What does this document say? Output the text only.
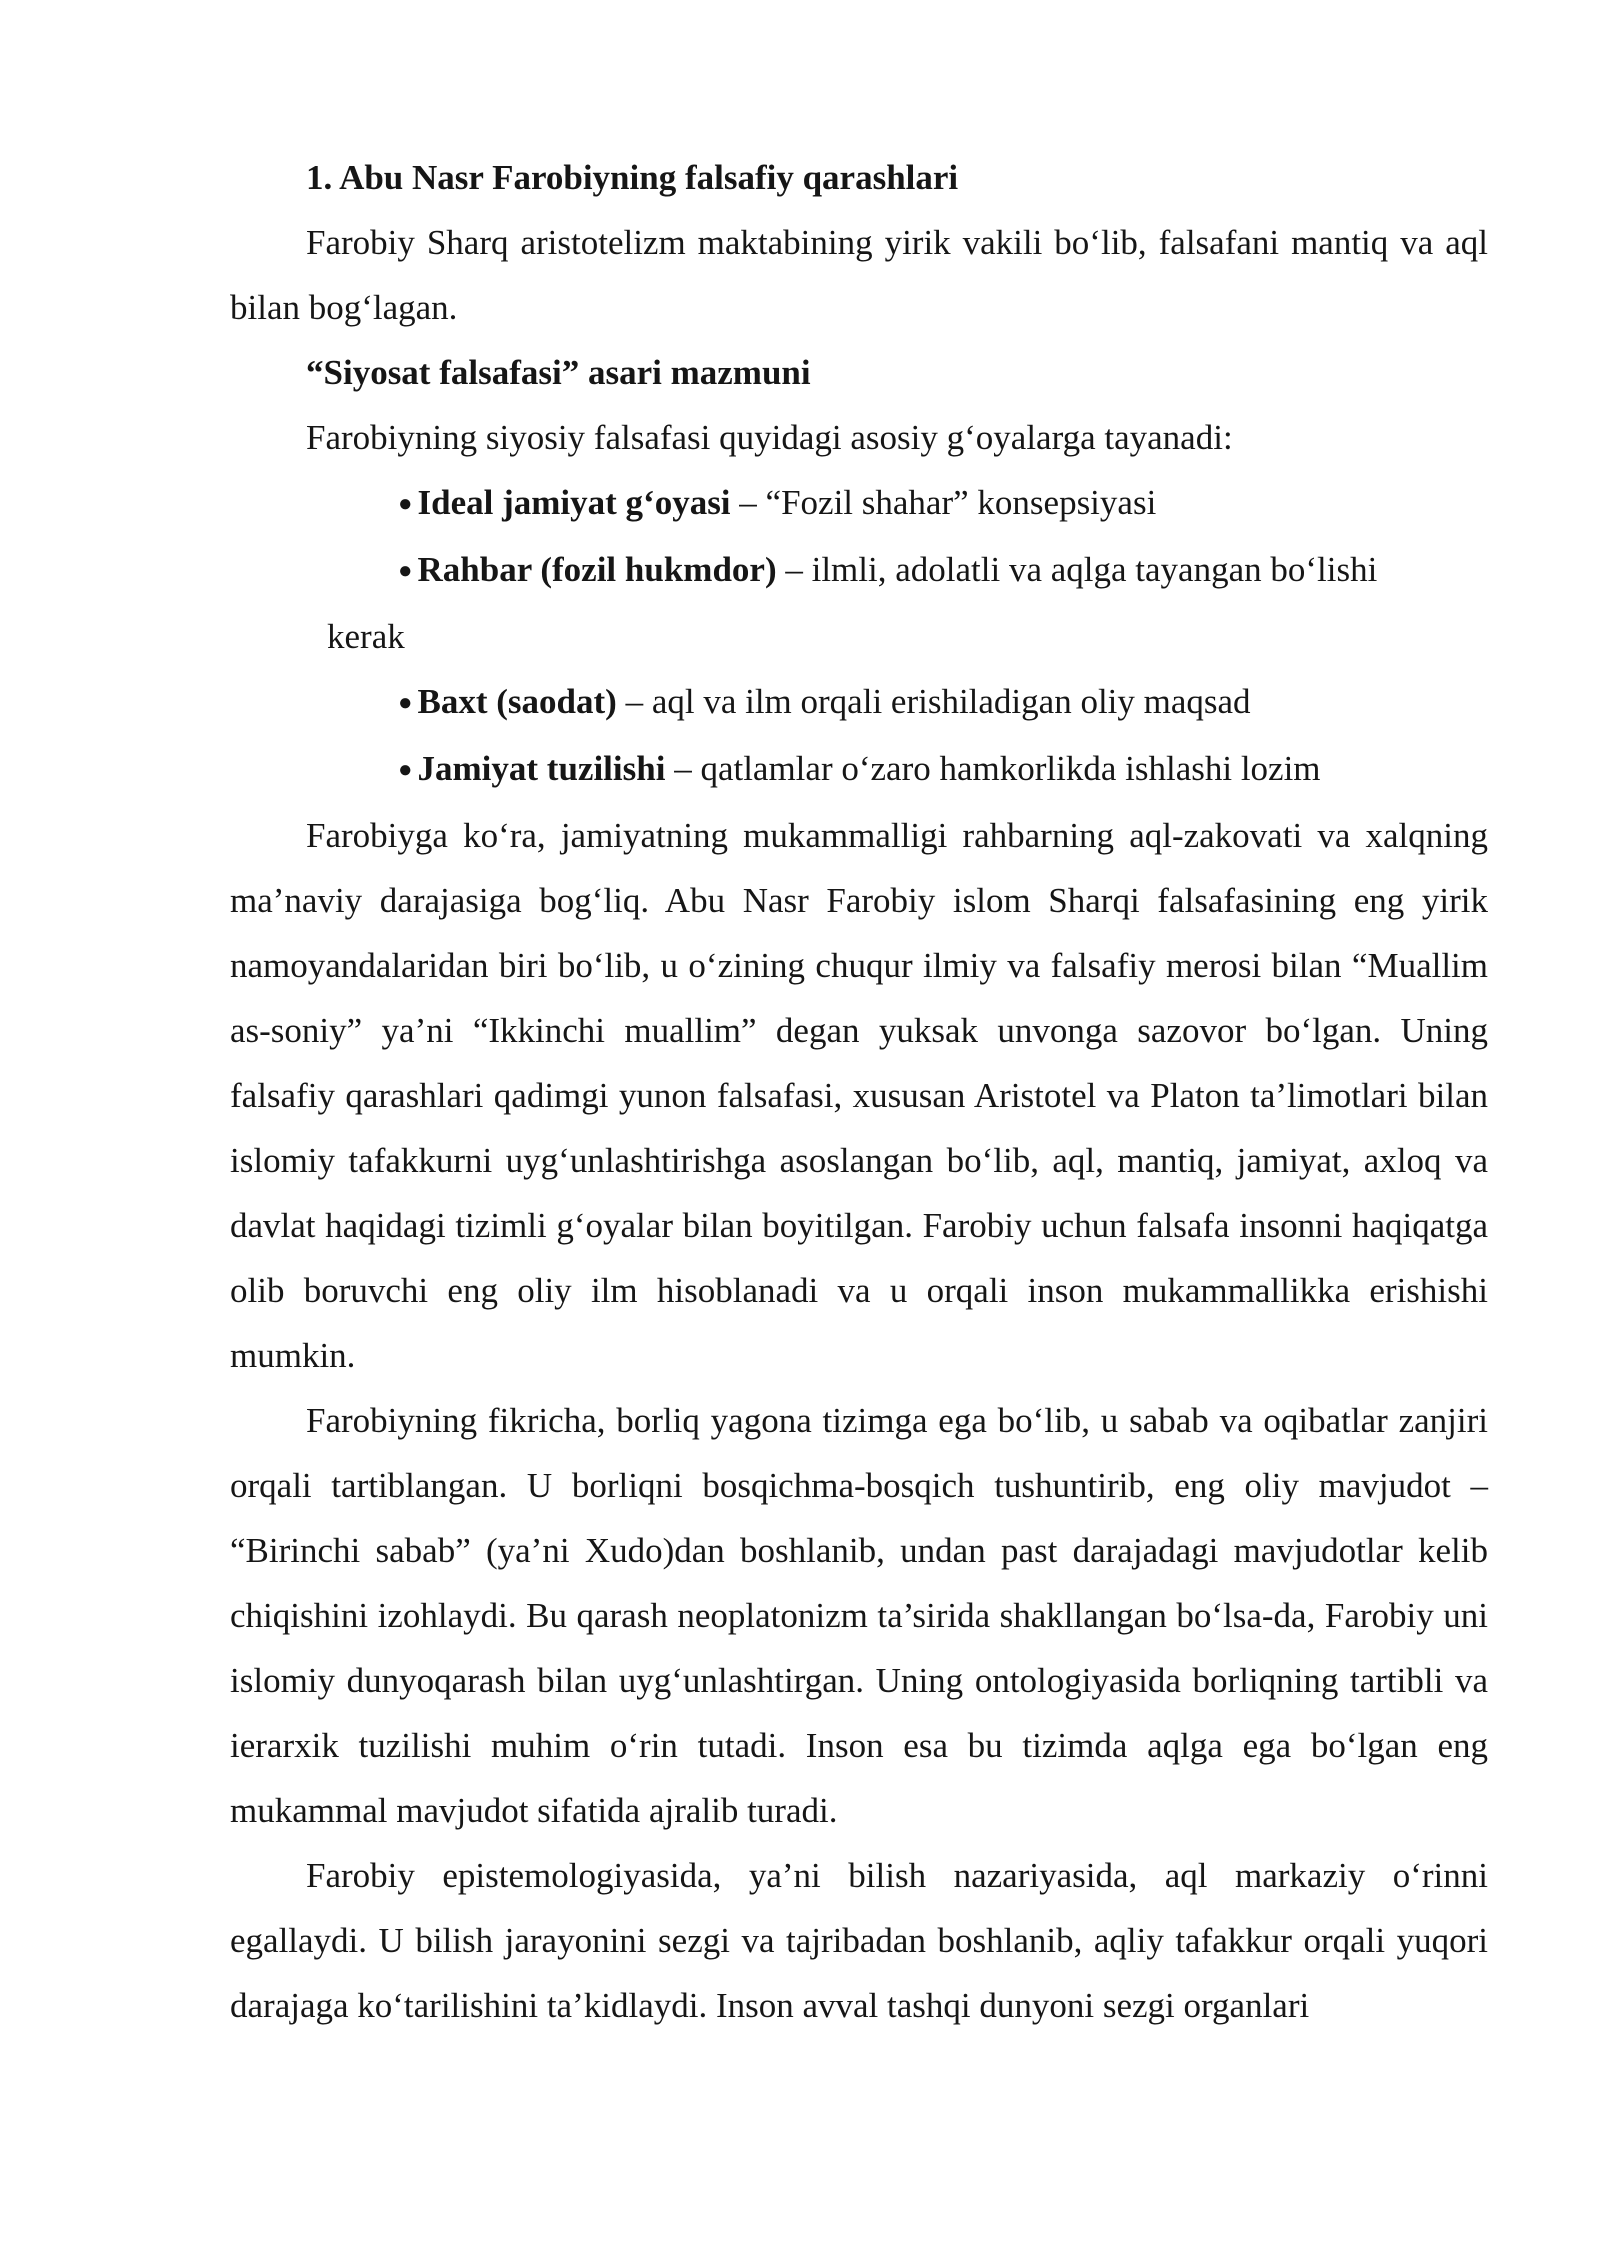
1. Abu Nasr Farobiyning falsafiy qarashlari

Farobiy Sharq aristotelizm maktabining yirik vakili bo‘lib, falsafani mantiq va aql bilan bog‘lagan.

“Siyosat falsafasi” asari mazmuni

Farobiyning siyosiy falsafasi quyidagi asosiy g‘oyalarga tayanadi:

● Ideal jamiyat g‘oyasi – “Fozil shahar” konsepsiyasi

● Rahbar (fozil hukmdor) – ilmli, adolatli va aqlga tayangan bo‘lishi
kerak

● Baxt (saodat) – aql va ilm orqali erishiladigan oliy maqsad

● Jamiyat tuzilishi – qatlamlar o‘zaro hamkorlikda ishlashi lozim

Farobiyga ko‘ra, jamiyatning mukammalligi rahbarning aql-zakovati va xalqning ma’naviy darajasiga bog‘liq. Abu Nasr Farobiy islom Sharqi falsafasining eng yirik namoyandalaridan biri bo‘lib, u o‘zining chuqur ilmiy va falsafiy merosi bilan “Muallim as-soniy” ya’ni “Ikkinchi muallim” degan yuksak unvonga sazovor bo‘lgan. Uning falsafiy qarashlari qadimgi yunon falsafasi, xususan Aristotel va Platon ta’limotlari bilan islomiy tafakkurni uyg‘unlashtirishga asoslangan bo‘lib, aql, mantiq, jamiyat, axloq va davlat haqidagi tizimli g‘oyalar bilan boyitilgan. Farobiy uchun falsafa insonni haqiqatga olib boruvchi eng oliy ilm hisoblanadi va u orqali inson mukammallikka erishishi mumkin.

Farobiyning fikricha, borliq yagona tizimga ega bo‘lib, u sabab va oqibatlar zanjiri orqali tartiblangan. U borliqni bosqichma-bosqich tushuntirib, eng oliy mavjudot – “Birinchi sabab” (ya’ni Xudo)dan boshlanib, undan past darajadagi mavjudotlar kelib chiqishini izohlaydi. Bu qarash neoplatonizm ta’sirida shakllangan bo‘lsa-da, Farobiy uni islomiy dunyoqarash bilan uyg‘unlashtirgan. Uning ontologiyasida borliqning tartibli va ierarxik tuzilishi muhim o‘rin tutadi. Inson esa bu tizimda aqlga ega bo‘lgan eng mukammal mavjudot sifatida ajralib turadi.

Farobiy epistemologiyasida, ya’ni bilish nazariyasida, aql markaziy o‘rinni egallaydi. U bilish jarayonini sezgi va tajribadan boshlanib, aqliy tafakkur orqali yuqori darajaga ko‘tarilishini ta’kidlaydi. Inson avval tashqi dunyoni sezgi organlari
